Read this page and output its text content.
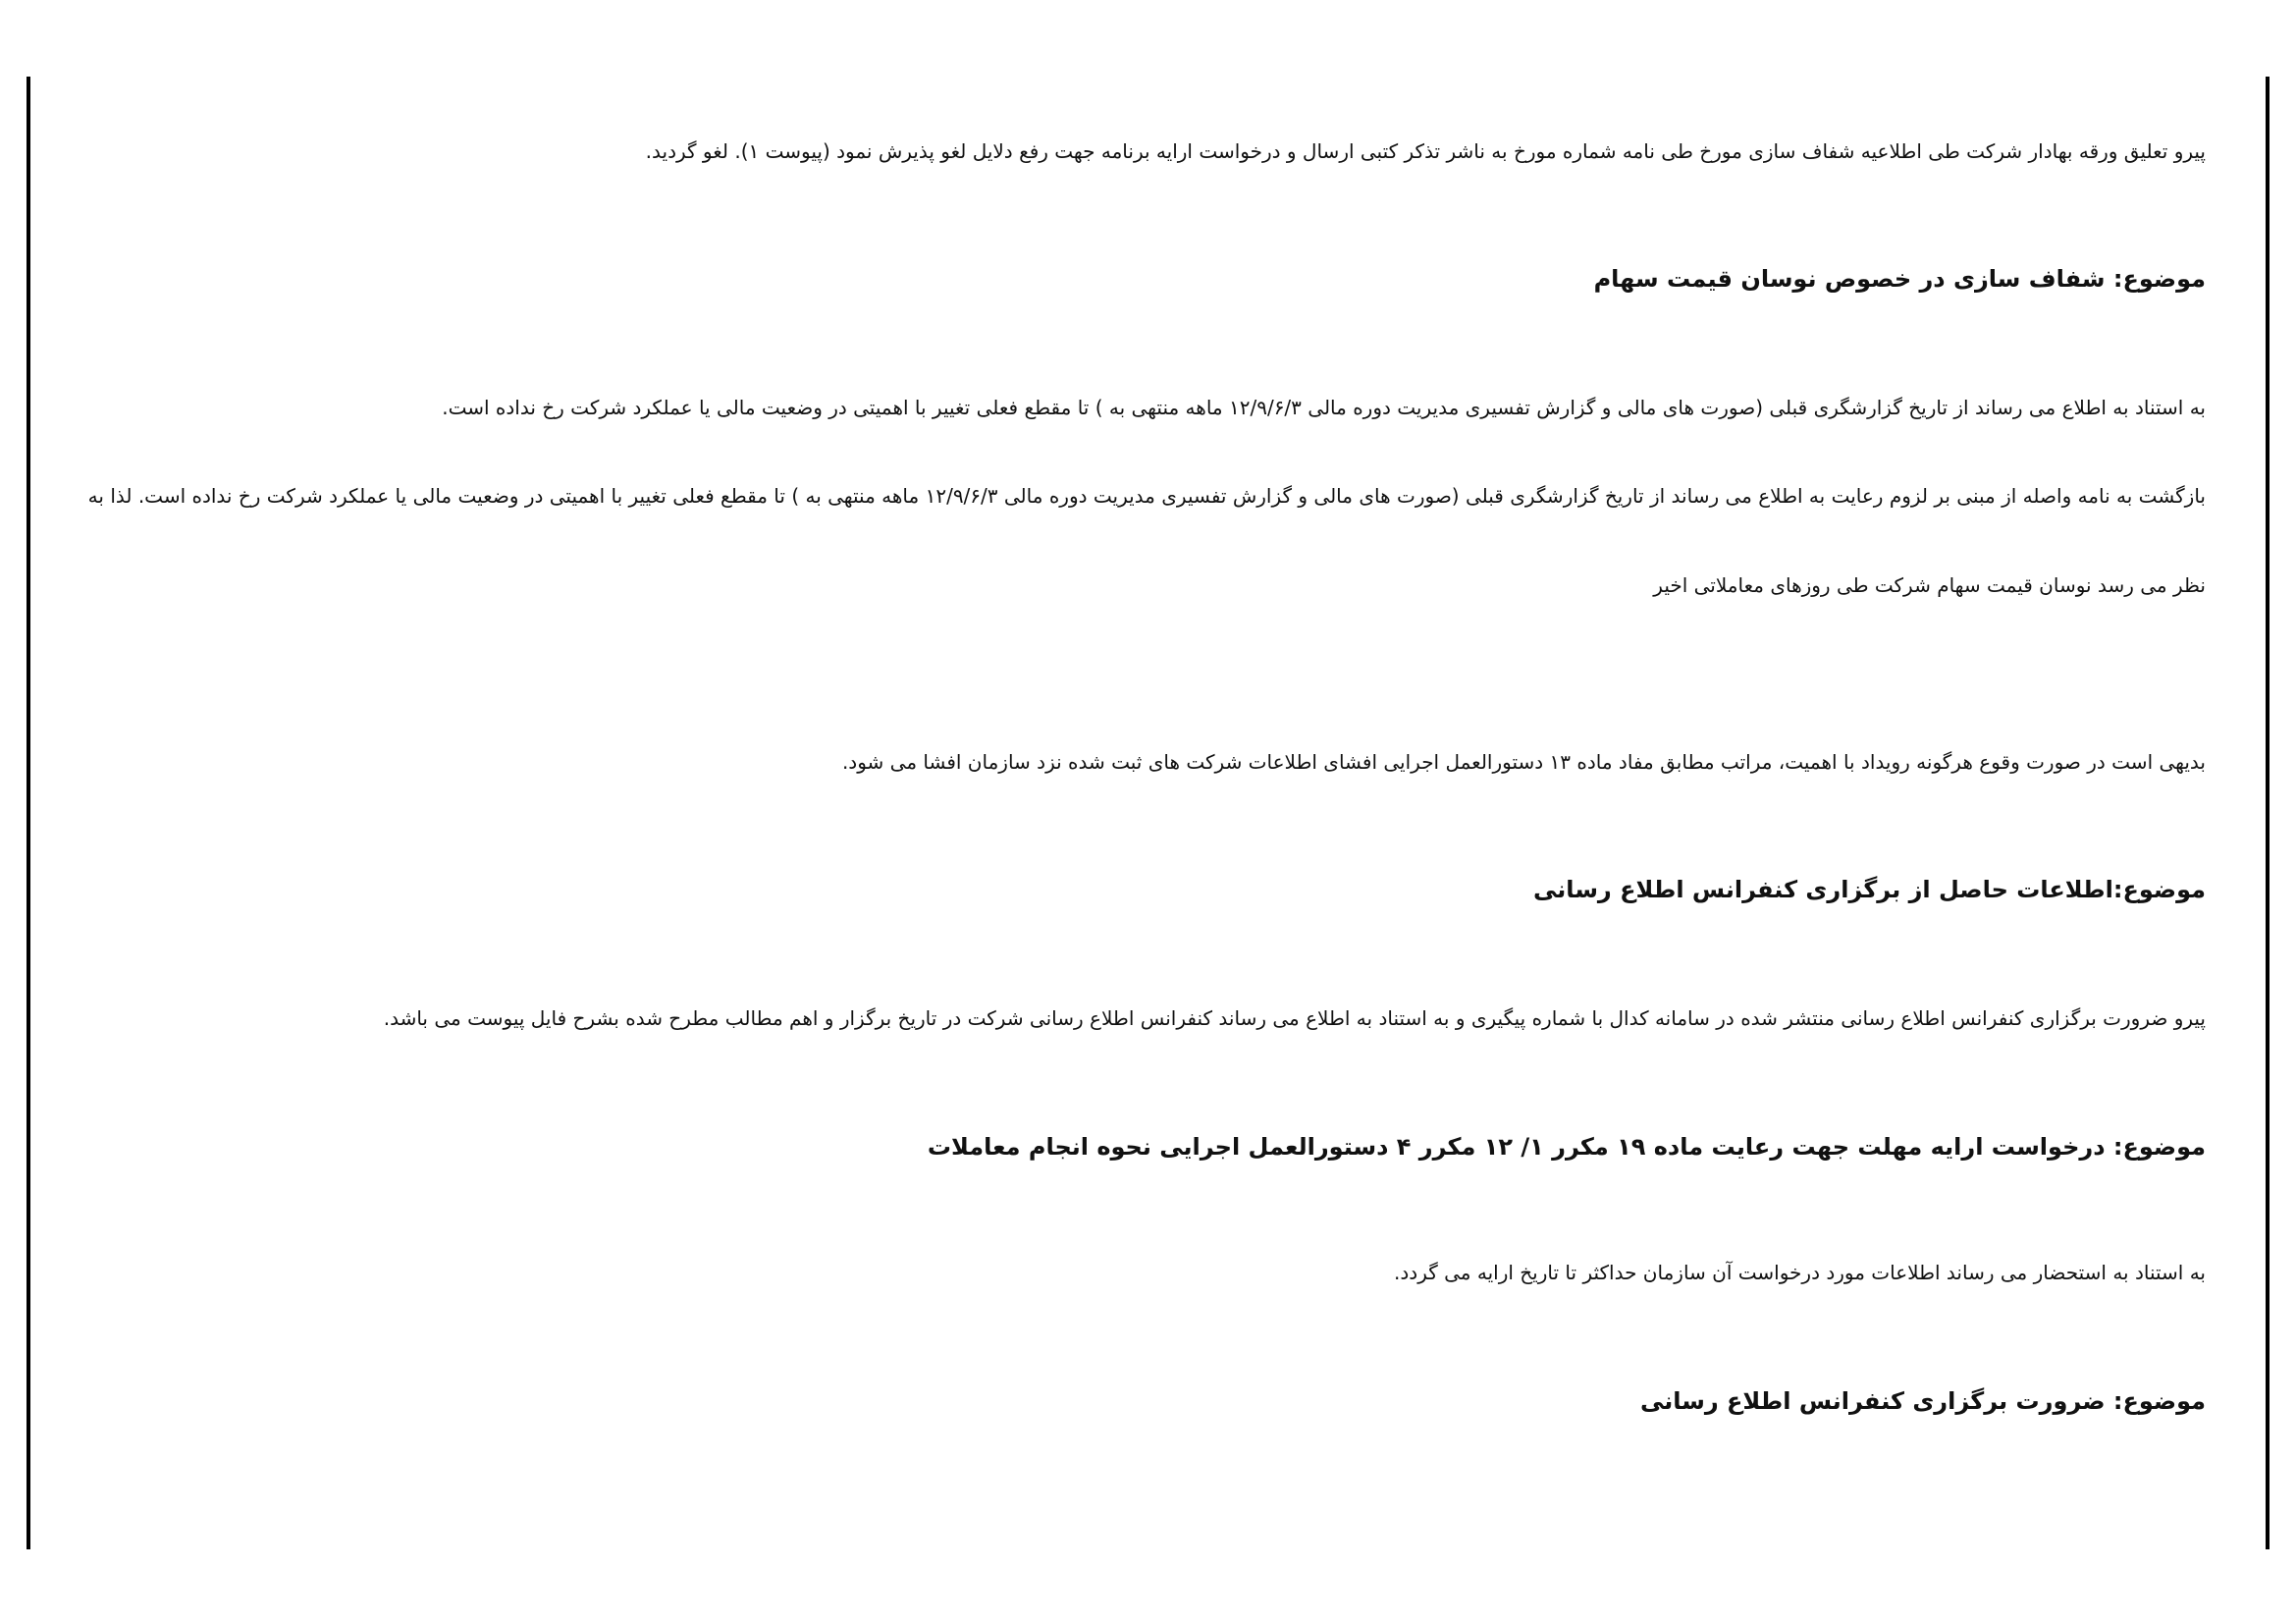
پیرو تعلیق ورقه بهادار شرکت طی اطلاعیه شفاف سازی مورخ طی نامه شماره مورخ به ناشر تذکر کتبی ارسال و درخواست ارایه برنامه جهت رفع دلایل لغو پذیرش نمود (پیوست ۱). لغو گردید.

موضوع: شفاف سازی در خصوص نوسان قیمت سهام

به استناد به اطلاع می رساند از تاریخ گزارشگری قبلی (صورت های مالی و گزارش تفسیری مدیریت دوره مالی ۱۲/۹/۶/۳ ماهه منتهی به ) تا مقطع فعلی تغییر با اهمیتی در وضعیت مالی یا عملکرد شرکت رخ نداده است.

بازگشت به نامه واصله از مبنی بر لزوم رعایت به اطلاع می رساند از تاریخ گزارشگری قبلی (صورت های مالی و گزارش تفسیری مدیریت دوره مالی ۱۲/۹/۶/۳ ماهه منتهی به ) تا مقطع فعلی تغییر با اهمیتی در وضعیت مالی یا عملکرد شرکت رخ نداده است. لذا به

نظر می رسد نوسان قیمت سهام شرکت طی روزهای معاملاتی اخیر

بدیهی است در صورت وقوع هرگونه رویداد با اهمیت، مراتب مطابق مفاد ماده ۱۳ دستورالعمل اجرایی افشای اطلاعات شرکت های ثبت شده نزد سازمان افشا می شود.

موضوع:اطلاعات حاصل از برگزاری کنفرانس اطلاع رسانی

پیرو ضرورت برگزاری کنفرانس اطلاع رسانی منتشر شده در سامانه کدال با شماره پیگیری و به استناد به اطلاع می رساند کنفرانس اطلاع رسانی شرکت در تاریخ برگزار و اهم مطالب مطرح شده بشرح فایل پیوست می باشد.

موضوع: درخواست ارایه مهلت جهت رعایت ماده ۱۹ مکرر ۱/ ۱۲ مکرر ۴ دستورالعمل اجرایی نحوه انجام معاملات

به استناد به استحضار می رساند اطلاعات مورد درخواست آن سازمان حداکثر تا تاریخ ارایه می گردد.

موضوع: ضرورت برگزاری کنفرانس اطلاع رسانی
